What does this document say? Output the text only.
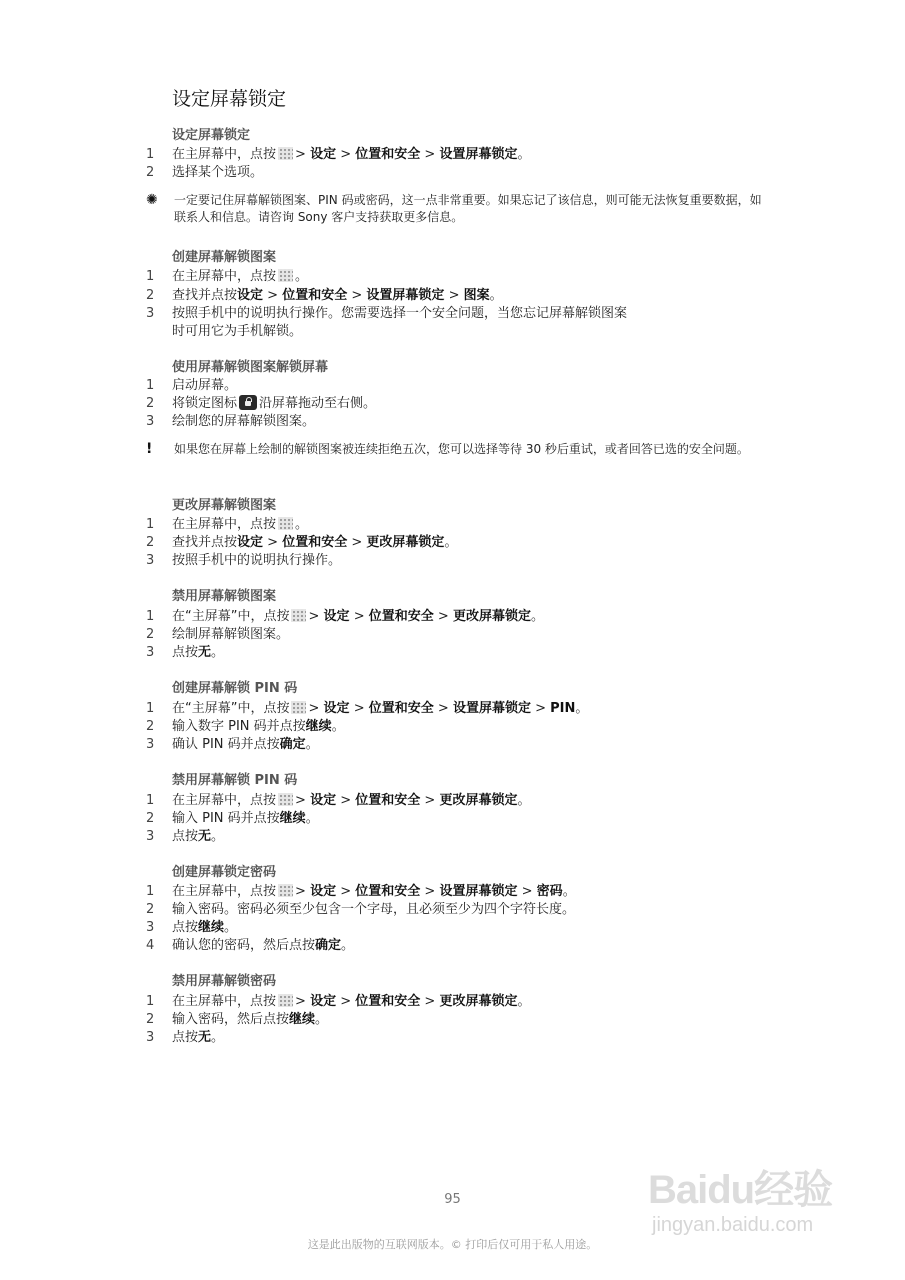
设定屏幕锁定
设定屏幕锁定
1 在主屏幕中，点按 > 设定 > 位置和安全 > 设置屏幕锁定。
2 选择某个选项。
✺ 一定要记住屏幕解锁图案、PIN 码或密码，这一点非常重要。如果忘记了该信息，则可能无法恢复重要数据，如联系人和信息。请咨询 Sony 客户支持获取更多信息。
创建屏幕解锁图案
1 在主屏幕中，点按 。
2 查找并点按设定 > 位置和安全 > 设置屏幕锁定 > 图案。
3 按照手机中的说明执行操作。您需要选择一个安全问题，当您忘记屏幕解锁图案
时可用它为手机解锁。
使用屏幕解锁图案解锁屏幕
1 启动屏幕。
2 将锁定图标 沿屏幕拖动至右侧。
3 绘制您的屏幕解锁图案。
! 如果您在屏幕上绘制的解锁图案被连续拒绝五次，您可以选择等待 30 秒后重试，或者回答已选的安全问题。
更改屏幕解锁图案
1 在主屏幕中，点按 。
2 查找并点按设定 > 位置和安全 > 更改屏幕锁定。
3 按照手机中的说明执行操作。
禁用屏幕解锁图案
1 在“主屏幕”中，点按 > 设定 > 位置和安全 > 更改屏幕锁定。
2 绘制屏幕解锁图案。
3 点按无。
创建屏幕解锁 PIN 码
1 在“主屏幕”中，点按 > 设定 > 位置和安全 > 设置屏幕锁定 > PIN。
2 输入数字 PIN 码并点按继续。
3 确认 PIN 码并点按确定。
禁用屏幕解锁 PIN 码
1 在主屏幕中，点按 > 设定 > 位置和安全 > 更改屏幕锁定。
2 输入 PIN 码并点按继续。
3 点按无。
创建屏幕锁定密码
1 在主屏幕中，点按 > 设定 > 位置和安全 > 设置屏幕锁定 > 密码。
2 输入密码。密码必须至少包含一个字母，且必须至少为四个字符长度。
3 点按继续。
4 确认您的密码，然后点按确定。
禁用屏幕解锁密码
1 在主屏幕中，点按 > 设定 > 位置和安全 > 更改屏幕锁定。
2 输入密码，然后点按继续。
3 点按无。
95
这是此出版物的互联网版本。© 打印后仅可用于私人用途。
Baidu经验
jingyan.baidu.com
